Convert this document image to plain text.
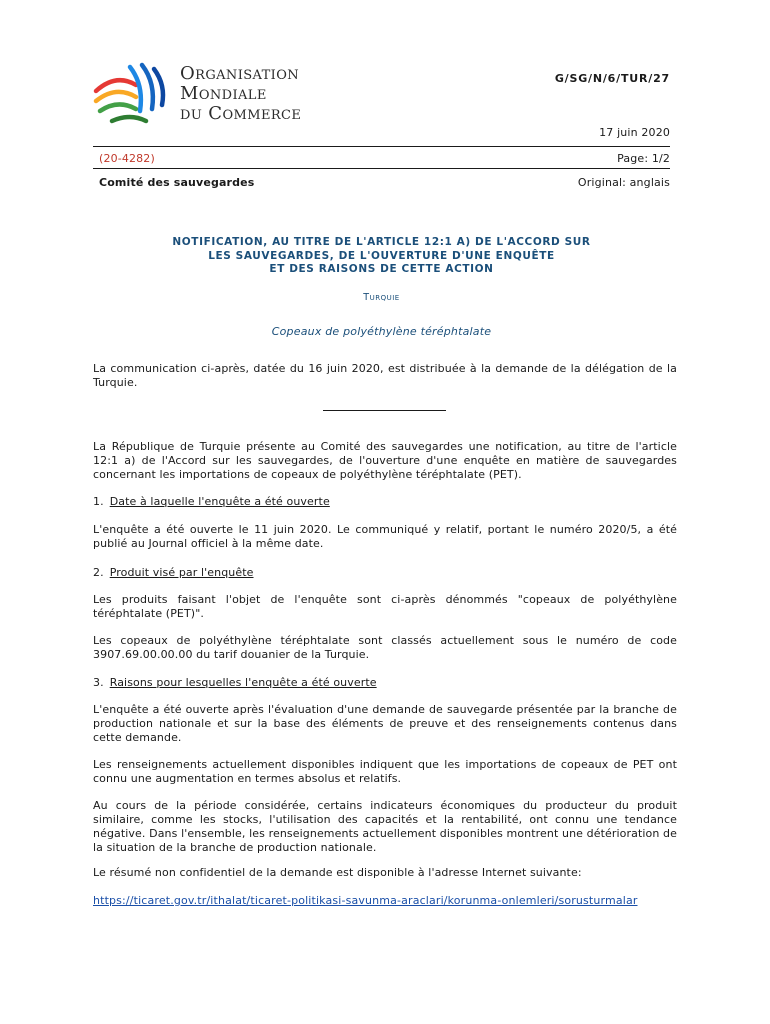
Organisation
Mondiale
du Commerce
G/SG/N/6/TUR/27
17 juin 2020
(20-4282)	Page: 1/2
Comité des sauvegardes	Original: anglais
NOTIFICATION, AU TITRE DE L'ARTICLE 12:1 A) DE L'ACCORD SUR
LES SAUVEGARDES, DE L'OUVERTURE D'UNE ENQUÊTE
ET DES RAISONS DE CETTE ACTION
Turquie
Copeaux de polyéthylène téréphtalate
La communication ci-après, datée du 16 juin 2020, est distribuée à la demande de la délégation de la Turquie.
La République de Turquie présente au Comité des sauvegardes une notification, au titre de l'article 12:1 a) de l'Accord sur les sauvegardes, de l'ouverture d'une enquête en matière de sauvegardes concernant les importations de copeaux de polyéthylène téréphtalate (PET).
1. Date à laquelle l'enquête a été ouverte
L'enquête a été ouverte le 11 juin 2020. Le communiqué y relatif, portant le numéro 2020/5, a été publié au Journal officiel à la même date.
2. Produit visé par l'enquête
Les produits faisant l'objet de l'enquête sont ci-après dénommés "copeaux de polyéthylène téréphtalate (PET)".
Les copeaux de polyéthylène téréphtalate sont classés actuellement sous le numéro de code 3907.69.00.00.00 du tarif douanier de la Turquie.
3. Raisons pour lesquelles l'enquête a été ouverte
L'enquête a été ouverte après l'évaluation d'une demande de sauvegarde présentée par la branche de production nationale et sur la base des éléments de preuve et des renseignements contenus dans cette demande.
Les renseignements actuellement disponibles indiquent que les importations de copeaux de PET ont connu une augmentation en termes absolus et relatifs.
Au cours de la période considérée, certains indicateurs économiques du producteur du produit similaire, comme les stocks, l'utilisation des capacités et la rentabilité, ont connu une tendance négative. Dans l'ensemble, les renseignements actuellement disponibles montrent une détérioration de la situation de la branche de production nationale.
Le résumé non confidentiel de la demande est disponible à l'adresse Internet suivante:
https://ticaret.gov.tr/ithalat/ticaret-politikasi-savunma-araclari/korunma-onlemleri/sorusturmalar
